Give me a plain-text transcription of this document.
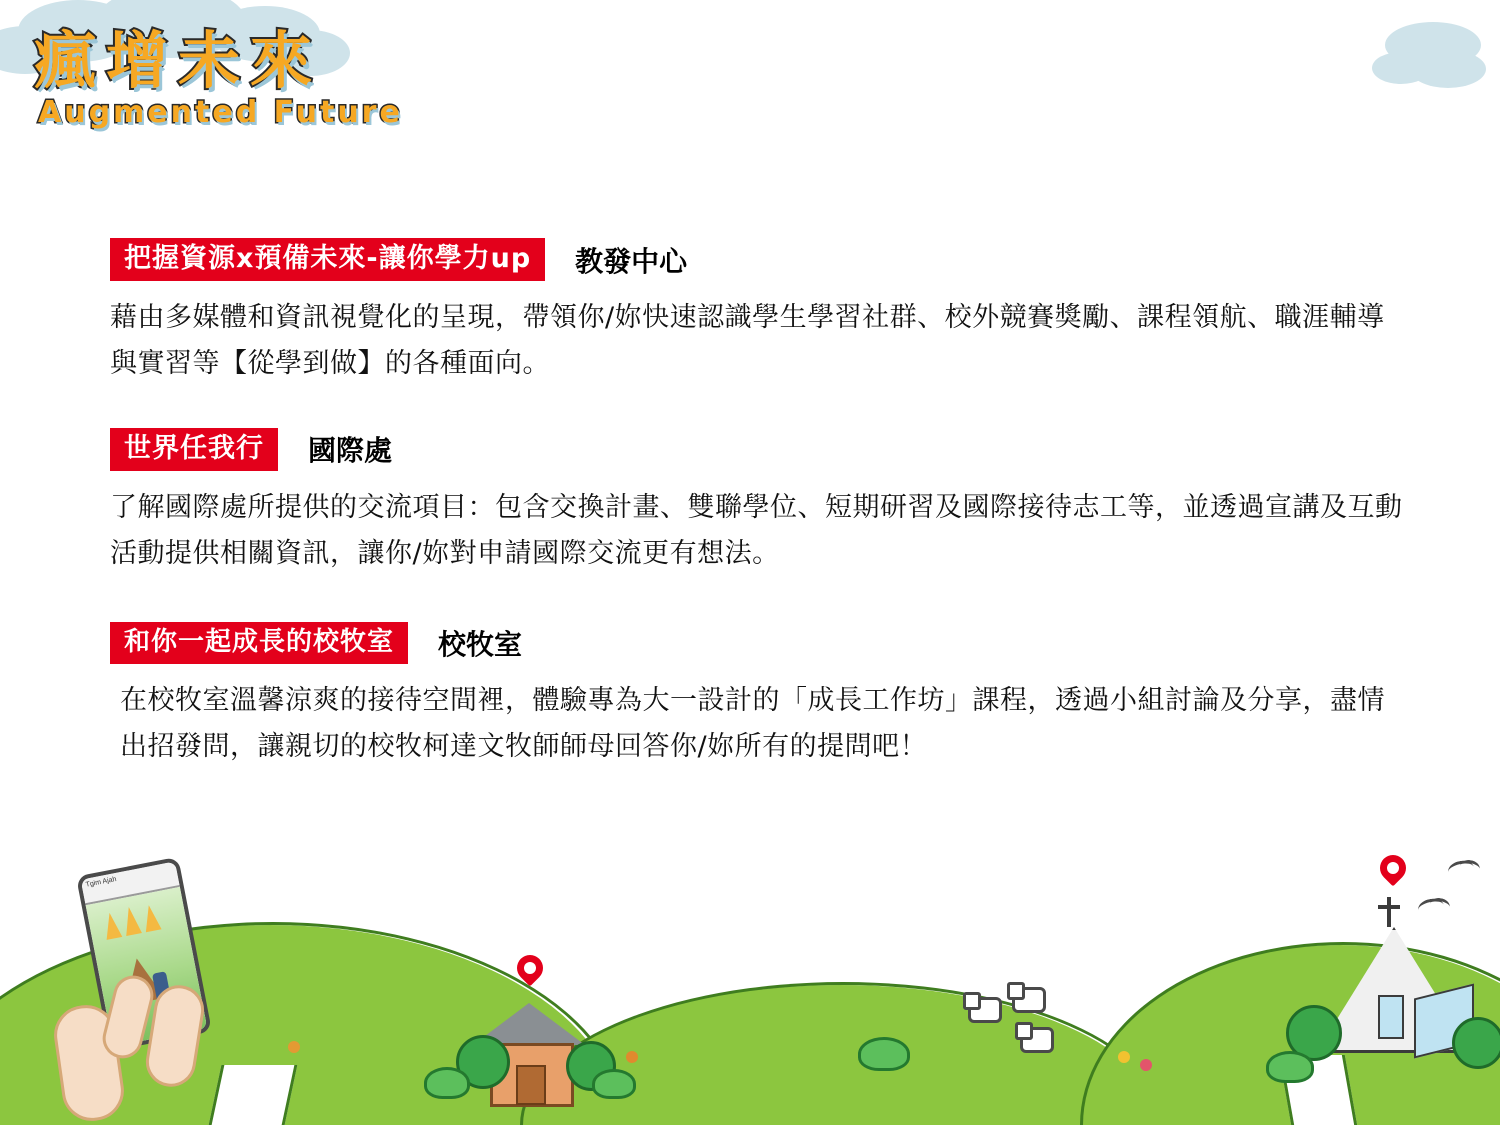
瘋增未來
Augmented Future
把握資源x預備未來-讓你學力up	教發中心
藉由多媒體和資訊視覺化的呈現，帶領你/妳快速認識學生學習社群、校外競賽獎勵、課程領航、職涯輔導與實習等【從學到做】的各種面向。
世界任我行	國際處
了解國際處所提供的交流項目：包含交換計畫、雙聯學位、短期研習及國際接待志工等，並透過宣講及互動活動提供相關資訊，讓你/妳對申請國際交流更有想法。
和你一起成長的校牧室	校牧室
在校牧室溫馨涼爽的接待空間裡，體驗專為大一設計的「成長工作坊」課程，透過小組討論及分享，盡情出招發問，讓親切的校牧柯達文牧師師母回答你/妳所有的提問吧！
Tgim Ajah
